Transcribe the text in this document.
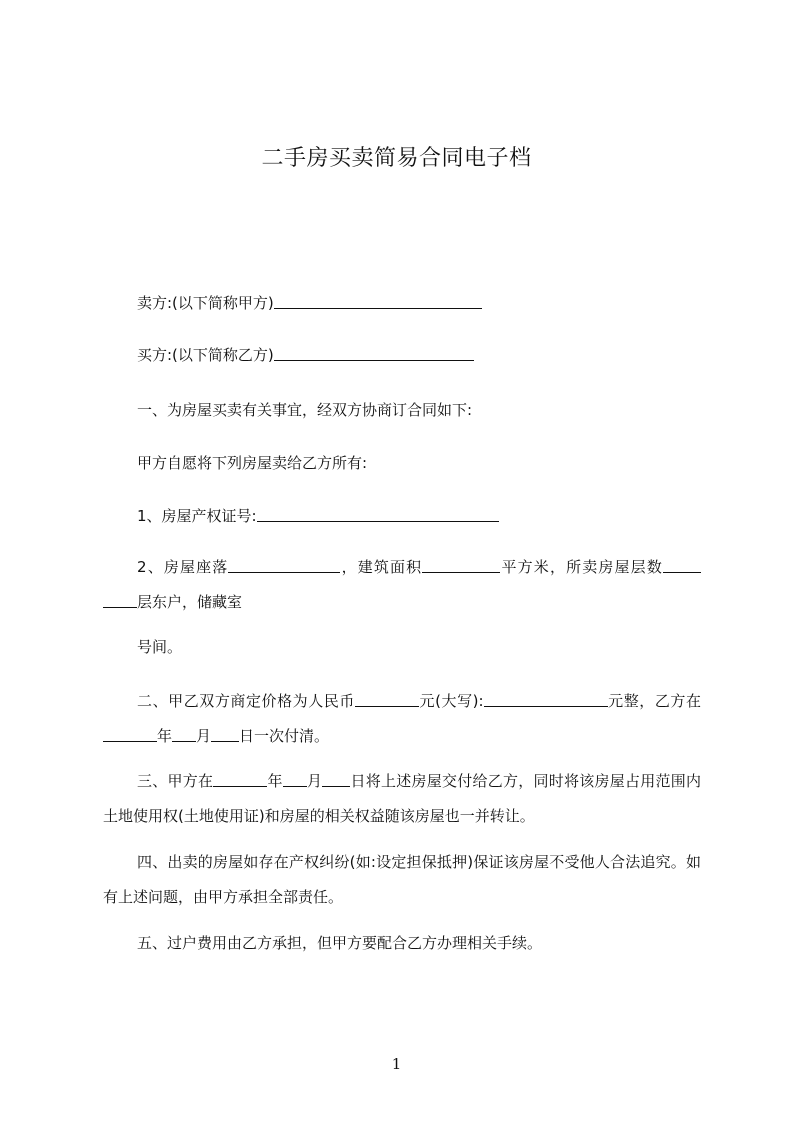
二手房买卖简易合同电子档
卖方:(以下简称甲方)
买方:(以下简称乙方)
一、为房屋买卖有关事宜，经双方协商订合同如下:
甲方自愿将下列房屋卖给乙方所有:
1、房屋产权证号:
2、房屋座落	，建筑面积	平方米，所卖房屋层数层东户，储藏室
号间。
二、甲乙双方商定价格为人民币	元(大写):	元整，乙方在年 月 日一次付清。
三、甲方在	年 月 日将上述房屋交付给乙方，同时将该房屋占用范围内土地使用权(土地使用证)和房屋的相关权益随该房屋也一并转让。
四、出卖的房屋如存在产权纠纷(如:设定担保抵押)保证该房屋不受他人合法追究。如有上述问题，由甲方承担全部责任。
五、过户费用由乙方承担，但甲方要配合乙方办理相关手续。
1
